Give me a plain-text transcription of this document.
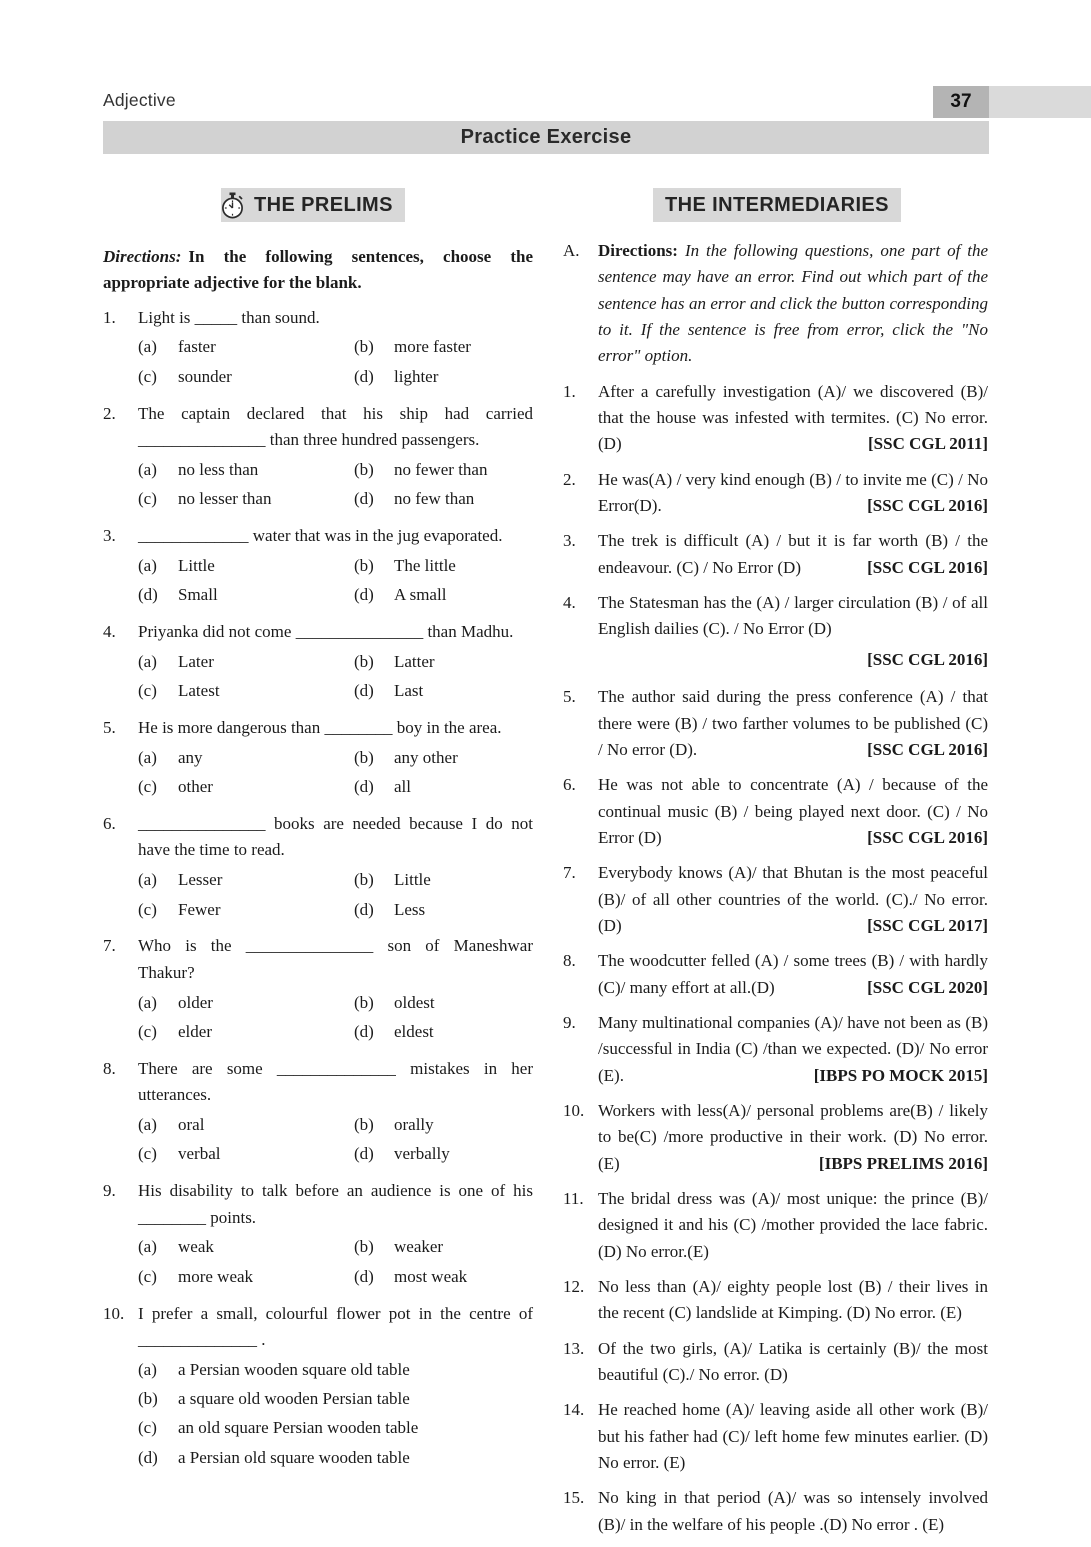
Adjective	37
Practice Exercise
THE PRELIMS

Directions: In the following sentences, choose the appropriate adjective for the blank.

1.	Light is _____ than sound.
(a)	faster	(b)	more faster
(c)	sounder	(d)	lighter
2.	The captain declared that his ship had carried _______________ than three hundred passengers.
(a)	no less than	(b)	no fewer than
(c)	no lesser than	(d)	no few than
3.	_____________ water that was in the jug evaporated.
(a)	Little	(b)	The little
(d)	Small	(d)	A small
4.	Priyanka did not come _______________ than Madhu.
(a)	Later	(b)	Latter
(c)	Latest	(d)	Last
5.	He is more dangerous than ________ boy in the area.
(a)	any	(b)	any other
(c)	other	(d)	all
6.	_______________ books are needed because I do not have the time to read.
(a)	Lesser	(b)	Little
(c)	Fewer	(d)	Less
7.	Who is the _______________ son of Maneshwar Thakur?
(a)	older	(b)	oldest
(c)	elder	(d)	eldest
8.	There are some ______________ mistakes in her utterances.
(a)	oral	(b)	orally
(c)	verbal	(d)	verbally
9.	His disability to talk before an audience is one of his ________ points.
(a)	weak	(b)	weaker
(c)	more weak	(d)	most weak
10. I prefer a small, colourful flower pot in the centre of ______________ .
(a)	a Persian wooden square old table
(b)	a square old wooden Persian table
(c)	an old square Persian wooden table
(d)	a Persian old square wooden table
THE INTERMEDIARIES
A.	Directions: In the following questions, one part of the sentence may have an error. Find out which part of the sentence has an error and click the button corresponding to it. If the sentence is free from error, click the "No error" option.
1.	After a carefully investigation (A)/ we discovered (B)/ that the house was infested with termites. (C) No error. (D)	[SSC CGL 2011]
2.	He was(A) / very kind enough (B) / to invite me (C) / No Error(D).	[SSC CGL 2016]
3.	The trek is difficult (A) / but it is far worth (B) / the endeavour. (C) / No Error (D)	[SSC CGL 2016]
4.	The Statesman has the (A) / larger circulation (B) / of all English dailies (C). / No Error (D)
[SSC CGL 2016]
5.	The author said during the press conference (A) / that there were (B) / two farther volumes to be published (C) / No error (D).	[SSC CGL 2016]
6.	He was not able to concentrate (A) / because of the continual music (B) / being played next door. (C) / No Error (D)	[SSC CGL 2016]
7.	Everybody knows (A)/ that Bhutan is the most peaceful (B)/ of all other countries of the world. (C)./ No error. (D)	[SSC CGL 2017]
8.	The woodcutter felled (A) / some trees (B) / with hardly (C)/ many effort at all.(D)	[SSC CGL 2020]
9.	Many multinational companies (A)/ have not been as (B) /successful in India (C) /than we expected. (D)/ No error (E).	[IBPS PO MOCK 2015]
10. Workers with less(A)/ personal problems are(B) / likely to be(C) /more productive in their work. (D) No error. (E)	[IBPS PRELIMS 2016]
11. The bridal dress was (A)/ most unique: the prince (B)/ designed it and his (C) /mother provided the lace fabric. (D) No error.(E)
12. No less than (A)/ eighty people lost (B) / their lives in the recent (C) landslide at Kimping. (D) No error. (E)
13. Of the two girls, (A)/ Latika is certainly (B)/ the most beautiful (C)./ No error. (D)
14. He reached home (A)/ leaving aside all other work (B)/ but his father had (C)/ left home few minutes earlier. (D) No error. (E)
15. No king in that period (A)/ was so intensely involved (B)/ in the welfare of his people .(D) No error . (E)
